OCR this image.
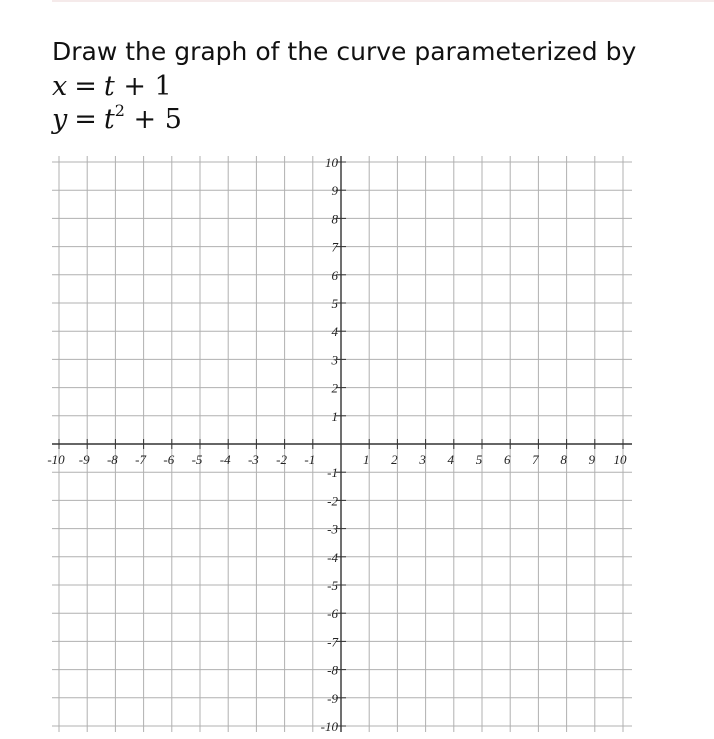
Draw the graph of the curve parameterized by
x = t + 1
$y = t^2 + 5$
-10 -9 -8 -7 -6 -5 -4 -3 -2 -1	1 2 3 4 5 6 7 8 9 10
10
9
8
7
6
5
4
3
2
1
-1
-2
-3
-4
-5
-6
-7
-8
-9
-10
